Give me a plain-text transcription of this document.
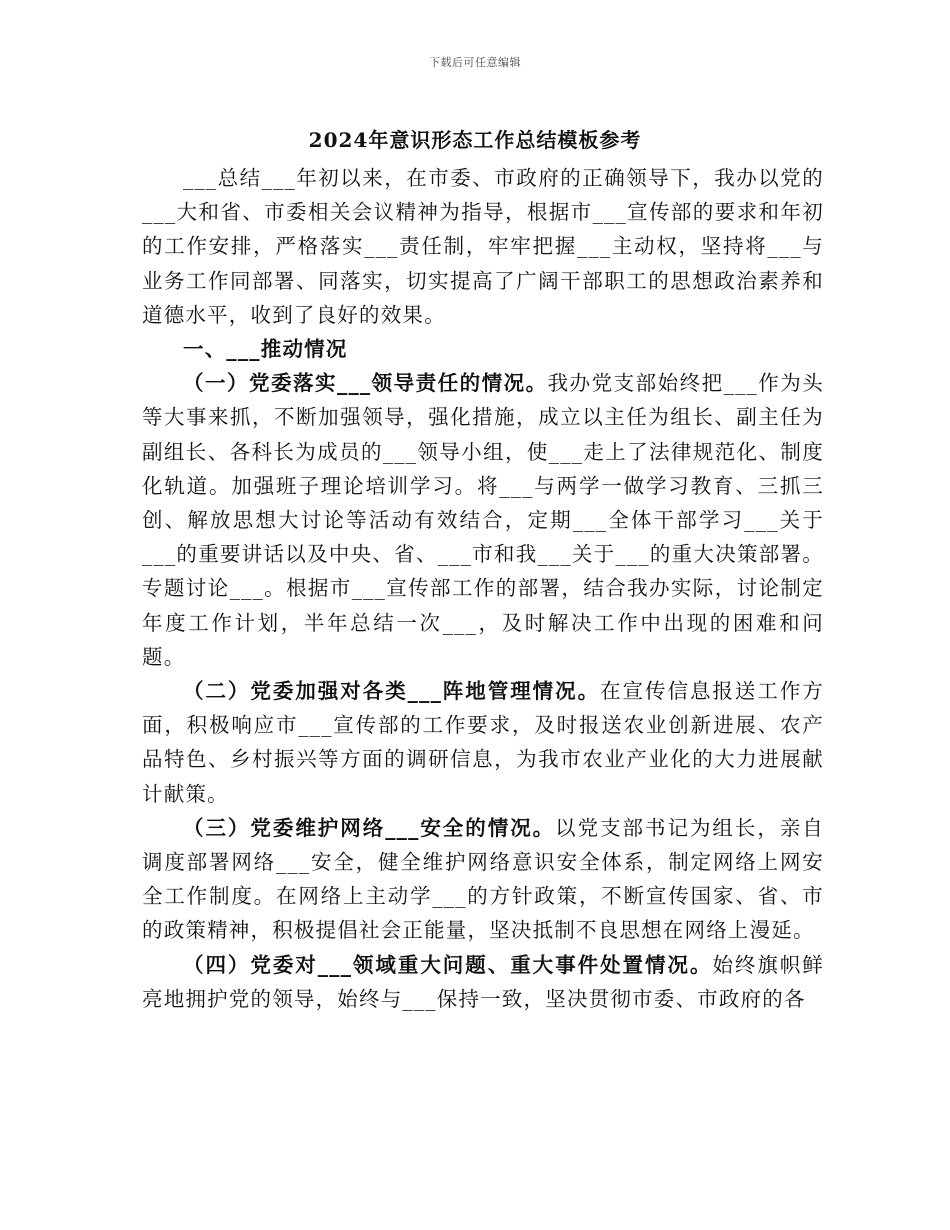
下载后可任意编辑
2024年意识形态工作总结模板参考

___总结___年初以来，在市委、市政府的正确领导下，我办以党的___大和省、市委相关会议精神为指导，根据市___宣传部的要求和年初的工作安排，严格落实___责任制，牢牢把握___主动权，坚持将___与业务工作同部署、同落实，切实提高了广阔干部职工的思想政治素养和道德水平，收到了良好的效果。

一、___推动情况

（一）党委落实___领导责任的情况。我办党支部始终把___作为头等大事来抓，不断加强领导，强化措施，成立以主任为组长、副主任为副组长、各科长为成员的___领导小组，使___走上了法律规范化、制度化轨道。加强班子理论培训学习。将___与两学一做学习教育、三抓三创、解放思想大讨论等活动有效结合，定期___全体干部学习___关于___的重要讲话以及中央、省、___市和我___关于___的重大决策部署。专题讨论___。根据市___宣传部工作的部署，结合我办实际，讨论制定年度工作计划，半年总结一次___，及时解决工作中出现的困难和问题。

（二）党委加强对各类___阵地管理情况。在宣传信息报送工作方面，积极响应市___宣传部的工作要求，及时报送农业创新进展、农产品特色、乡村振兴等方面的调研信息，为我市农业产业化的大力进展献计献策。

（三）党委维护网络___安全的情况。以党支部书记为组长，亲自调度部署网络___安全，健全维护网络意识安全体系，制定网络上网安全工作制度。在网络上主动学___的方针政策，不断宣传国家、省、市的政策精神，积极提倡社会正能量，坚决抵制不良思想在网络上漫延。

（四）党委对___领域重大问题、重大事件处置情况。始终旗帜鲜亮地拥护党的领导，始终与___保持一致，坚决贯彻市委、市政府的各
